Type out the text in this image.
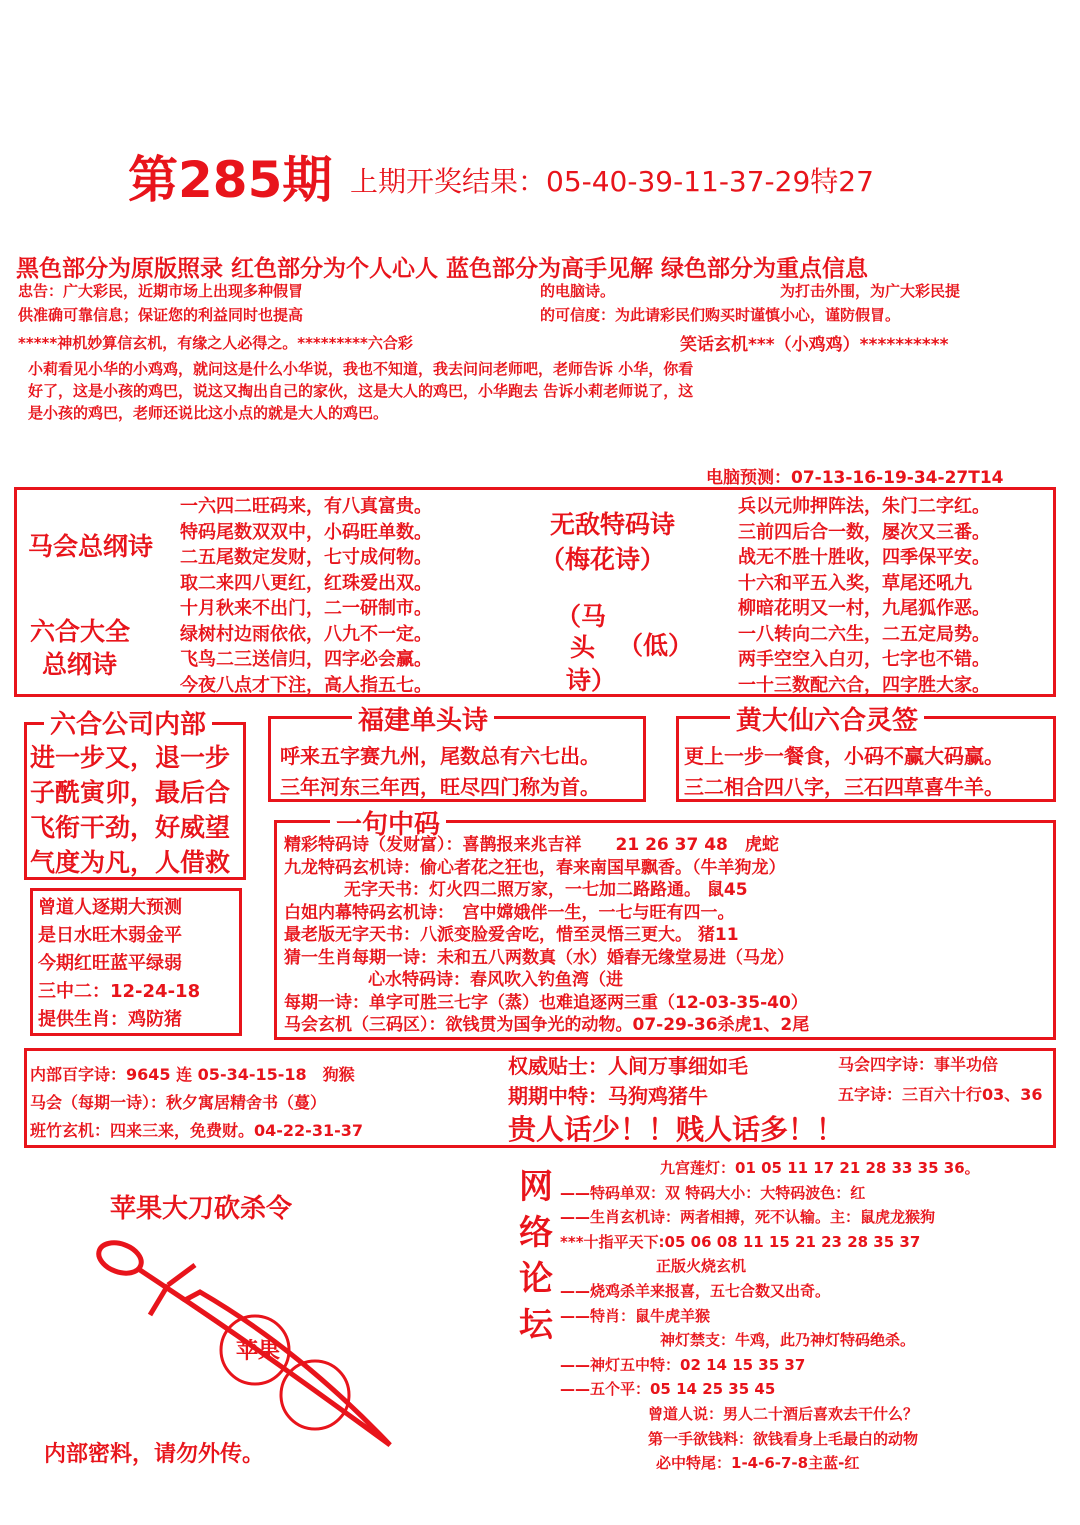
第285期 上期开奖结果：05-40-39-11-37-29特27
黑色部分为原版照录 红色部分为个人心人 蓝色部分为高手见解 绿色部分为重点信息
忠告：广大彩民，近期市场上出现多种假冒
供准确可靠信息；保证您的利益同时也提高
的电脑诗。	为打击外围，为广大彩民提
的可信度：为此请彩民们购买时谨慎小心，谨防假冒。
*****神机妙算信玄机，有缘之人必得之。*********六合彩	笑话玄机***（小鸡鸡）**********
小莉看见小华的小鸡鸡，就问这是什么小华说，我也不知道，我去问问老师吧，老师告诉 小华，你看
好了，这是小孩的鸡巴，说这又掏出自己的家伙，这是大人的鸡巴，小华跑去 告诉小莉老师说了，这
是小孩的鸡巴，老师还说比这小点的就是大人的鸡巴。
电脑预测：07-13-16-19-34-27T14
马会总纲诗
六合大全
总纲诗
一六四二旺码来，有八真富贵。
特码尾数双双中，小码旺单数。
二五尾数定发财，七寸成何物。
取二来四八更红，红珠爱出双。
十月秋来不出门，二一研制市。
绿树村边雨依依，八九不一定。
飞鸟二三送信归，四字必会赢。
今夜八点才下注，高人指五七。
无敌特码诗
（梅花诗）
（马
头 （低）
诗）
兵以元帅押阵法，朱门二字红。
三前四后合一数，屡次又三番。
战无不胜十胜收，四季保平安。
十六和平五入奖，草尾还吼九
柳暗花明又一村，九尾狐作恶。
一八转向二六生，二五定局势。
两手空空入白刃，七字也不错。
一十三数配六合，四字胜大家。
六合公司内部
进一步又，退一步
子酰寅卯，最后合
飞衔干劲，好威望
气度为凡，人借救
福建单头诗
呼来五字赛九州，尾数总有六七出。
三年河东三年西，旺尽四门称为首。
黄大仙六合灵签
更上一步一餐食，小码不赢大码赢。
三二相合四八字，三石四草喜牛羊。
曾道人逐期大预测
是日水旺木弱金平
今期红旺蓝平绿弱
三中二：12-24-18
提供生肖：鸡防猪
一句中码
精彩特码诗（发财富）：喜鹊报来兆吉祥　　21 26 37 48　虎蛇
九龙特码玄机诗：偷心者花之狂也，春来南国早飘香。（牛羊狗龙）
无字天书：灯火四二照万家，一七加二路路通。 鼠45
白姐内幕特码玄机诗：　宫中嫦娥伴一生，一七与旺有四一。
最老版无字天书：八派变脸爱舍吃，惜至灵悟三更大。 猪11
猜一生肖每期一诗：未和五八两数真（水）婚春无缘堂易进（马龙）
心水特码诗：春风吹入钓鱼湾（进
每期一诗：单字可胜三七字（蒸）也难追逐两三重（12-03-35-40）
马会玄机（三码区）：欲钱贯为国争光的动物。07-29-36杀虎1、2尾
内部百字诗：9645 连 05-34-15-18　狗猴
马会（每期一诗）：秋夕寓居精舍书（蔓）
班竹玄机：四来三来，免费财。04-22-31-37
权威贴士：人间万事细如毛	马会四字诗：事半功倍
期期中特：马狗鸡猪牛	五字诗：三百六十行03、36
贵人话少！！贱人话多！！
苹果大刀砍杀令
苹果
内部密料，请勿外传。
网
络
论
坛
九宫莲灯：01 05 11 17 21 28 33 35 36。
——特码单双：双 特码大小：大特码波色：红
——生肖玄机诗：两者相搏，死不认输。主：鼠虎龙猴狗
***十指平天下:05 06 08 11 15 21 23 28 35 37
正版火烧玄机
——烧鸡杀羊来报喜，五七合数又出奇。
——特肖：鼠牛虎羊猴
神灯禁支：牛鸡，此乃神灯特码绝杀。
——神灯五中特：02 14 15 35 37
——五个平：05 14 25 35 45
曾道人说：男人二十酒后喜欢去干什么？
第一手欲钱料：欲钱看身上毛最白的动物
必中特尾：1-4-6-7-8主蓝-红
